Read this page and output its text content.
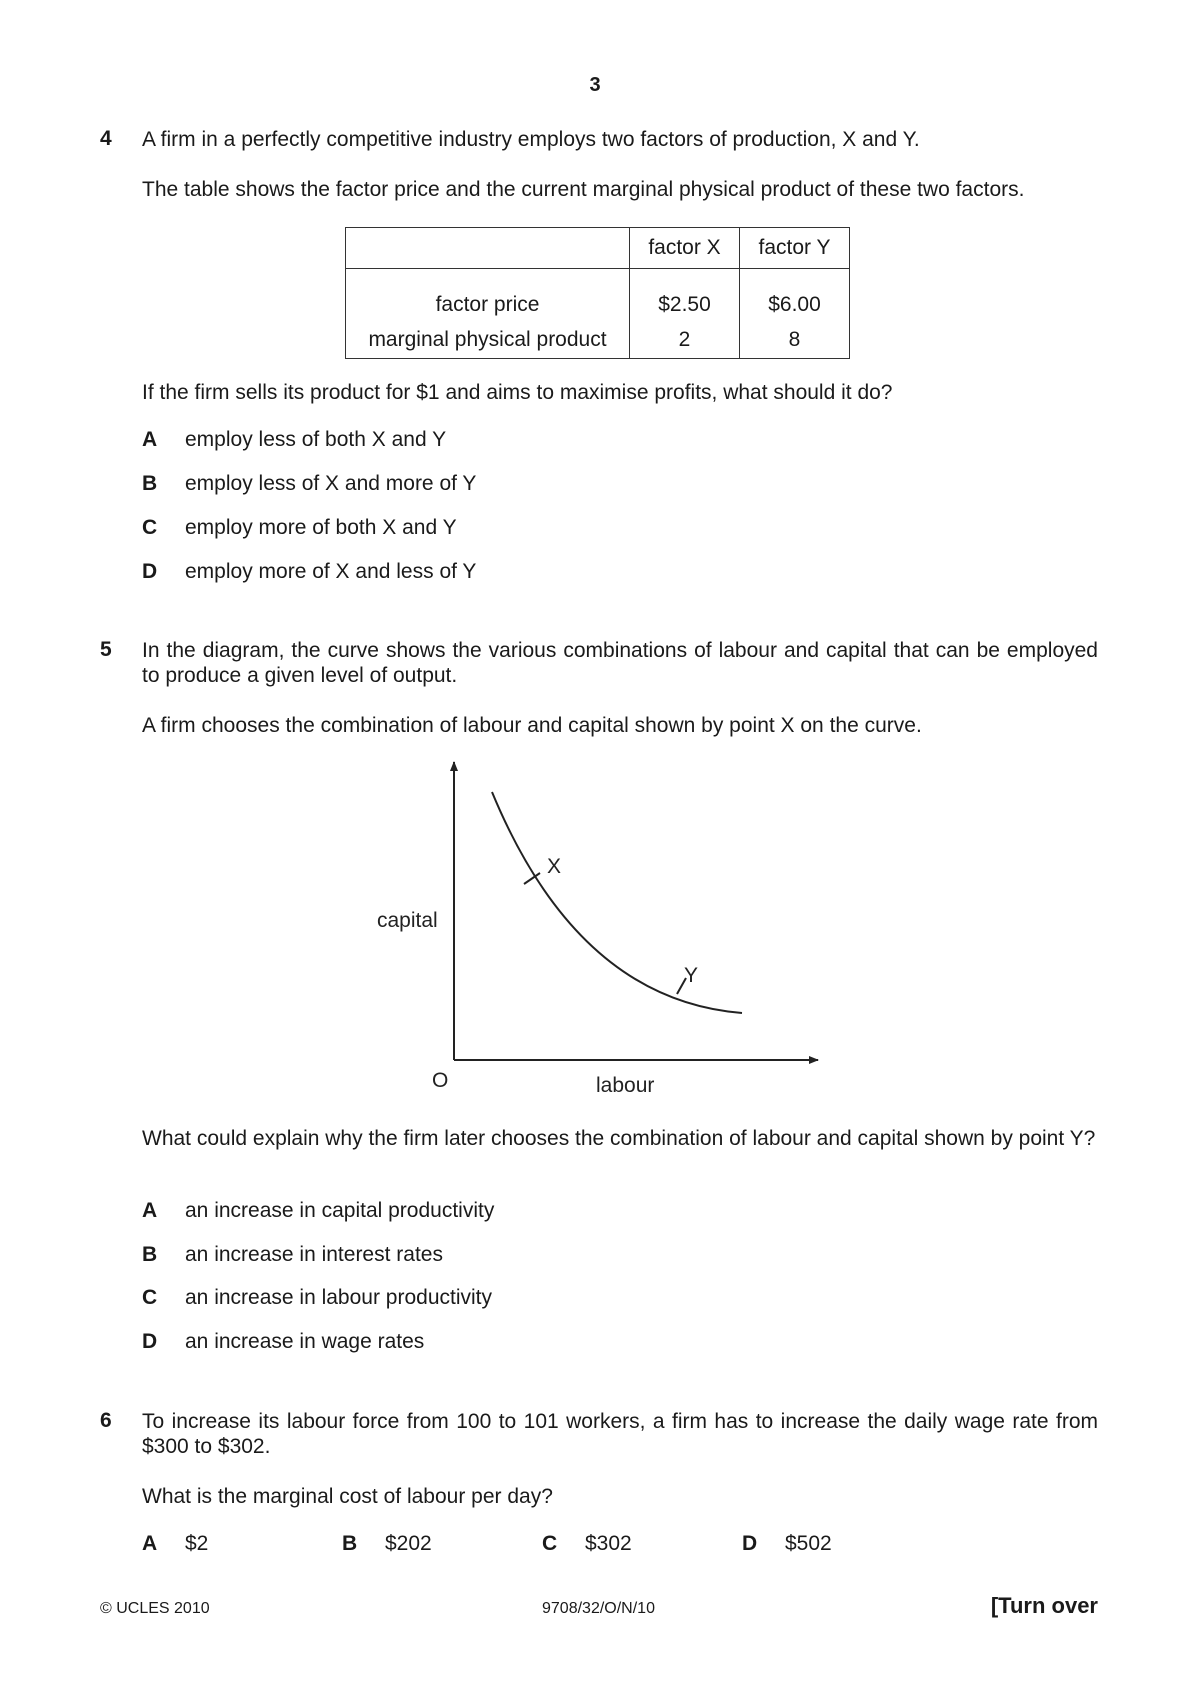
3
4 A firm in a perfectly competitive industry employs two factors of production, X and Y.
The table shows the factor price and the current marginal physical product of these two factors.
	factor X	factor Y
factor price	$2.50	$6.00
marginal physical product	2	8
If the firm sells its product for $1 and aims to maximise profits, what should it do?
A employ less of both X and Y
B employ less of X and more of Y
C employ more of both X and Y
D employ more of X and less of Y
5 In the diagram, the curve shows the various combinations of labour and capital that can be employed to produce a given level of output.
A firm chooses the combination of labour and capital shown by point X on the curve.
X
Y
capital
labour
O
What could explain why the firm later chooses the combination of labour and capital shown by point Y?
A an increase in capital productivity
B an increase in interest rates
C an increase in labour productivity
D an increase in wage rates
6 To increase its labour force from 100 to 101 workers, a firm has to increase the daily wage rate from $300 to $302.
What is the marginal cost of labour per day?
A $2	B $202	C $302	D $502
© UCLES 2010	9708/32/O/N/10	[Turn over
